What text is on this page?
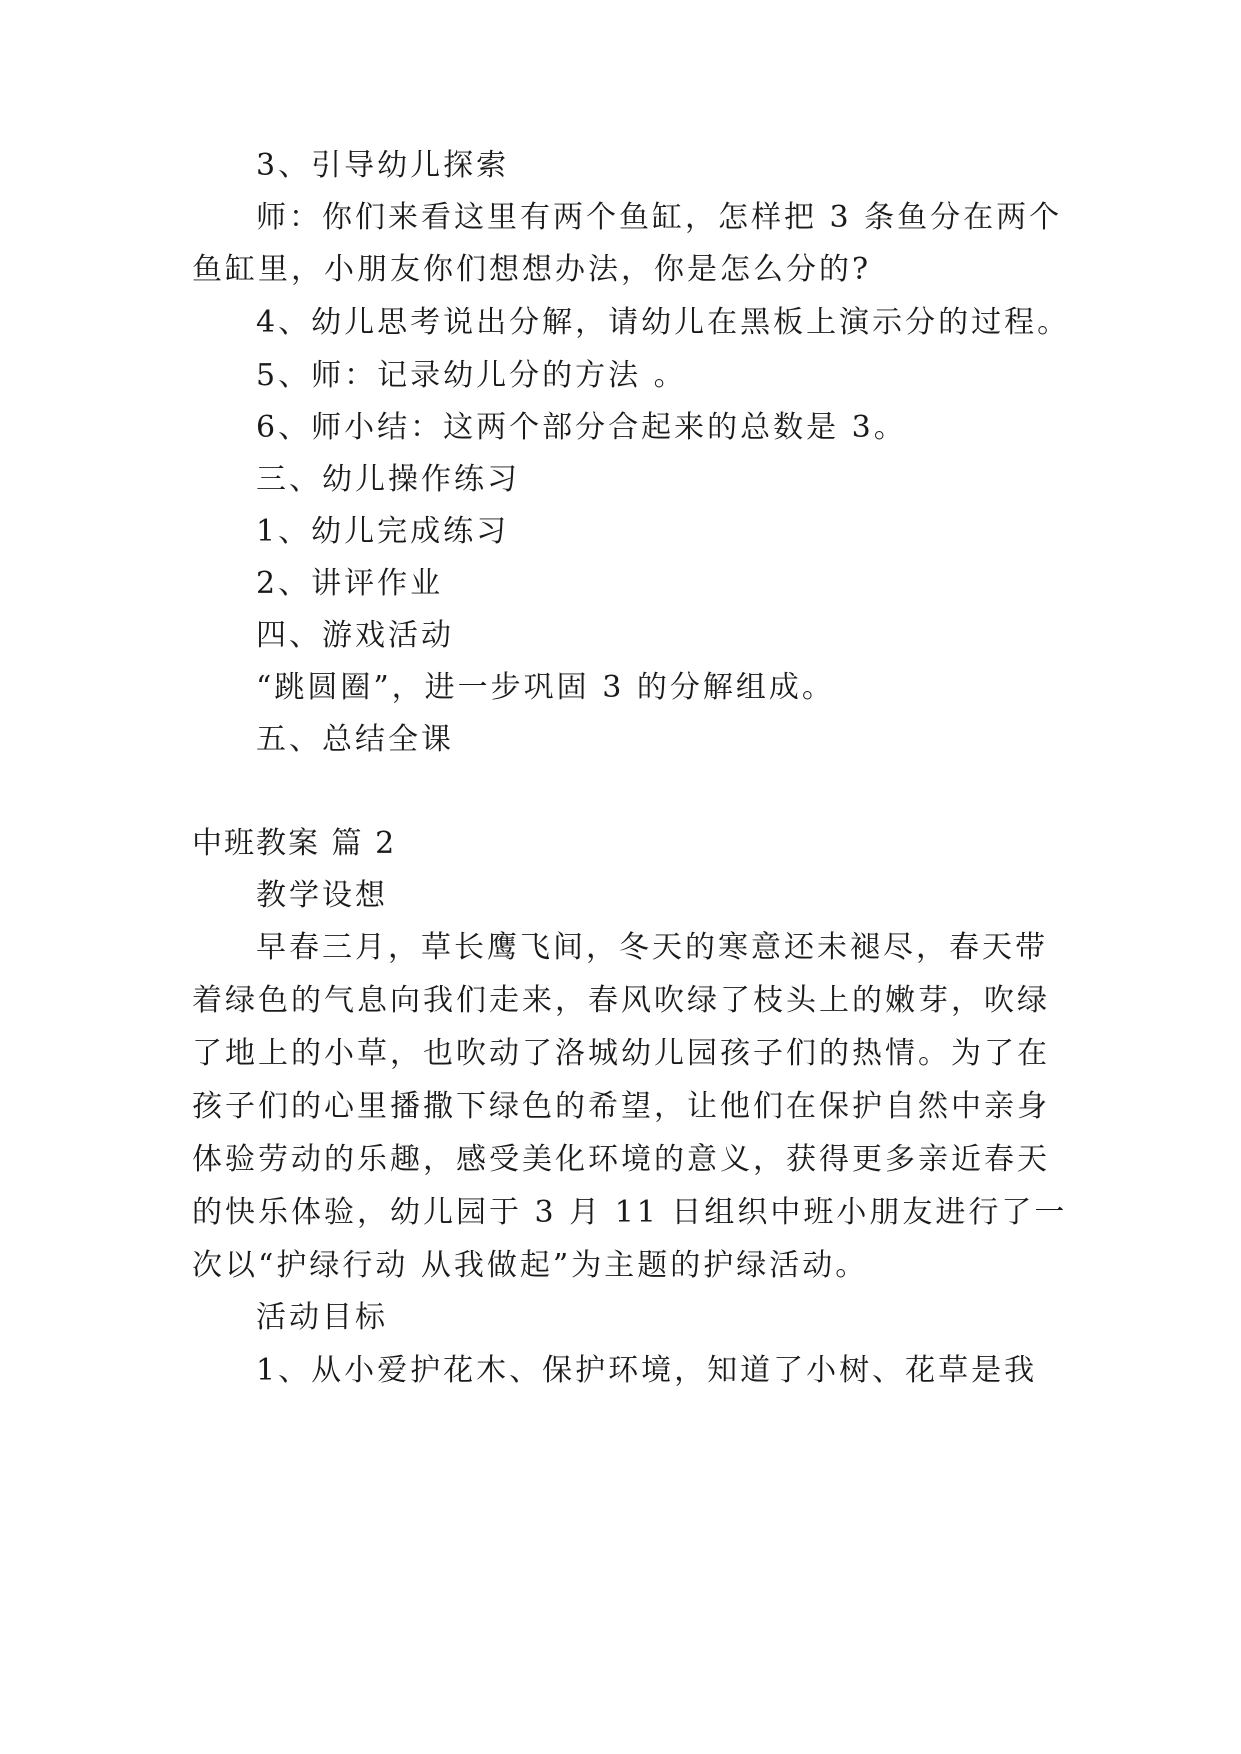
3、引导幼儿探索
师：你们来看这里有两个鱼缸，怎样把 3 条鱼分在两个
鱼缸里，小朋友你们想想办法，你是怎么分的?
4、幼儿思考说出分解，请幼儿在黑板上演示分的过程。
5、师：记录幼儿分的方法 。
6、师小结：这两个部分合起来的总数是 3。
三、幼儿操作练习
1、幼儿完成练习
2、讲评作业
四、游戏活动
“跳圆圈”，进一步巩固 3 的分解组成。
五、总结全课
中班教案 篇 2
教学设想
早春三月，草长鹰飞间，冬天的寒意还未褪尽，春天带
着绿色的气息向我们走来，春风吹绿了枝头上的嫩芽，吹绿
了地上的小草，也吹动了洛城幼儿园孩子们的热情。为了在
孩子们的心里播撒下绿色的希望，让他们在保护自然中亲身
体验劳动的乐趣，感受美化环境的意义，获得更多亲近春天
的快乐体验，幼儿园于 3 月 11 日组织中班小朋友进行了一
次以“护绿行动 从我做起”为主题的护绿活动。
活动目标
1、从小爱护花木、保护环境，知道了小树、花草是我
